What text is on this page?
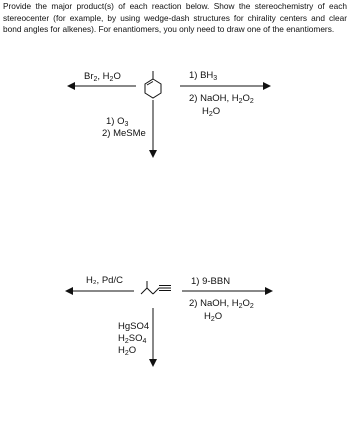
Provide the major product(s) of each reaction below. Show the stereochemistry of each stereocenter (for example, by using wedge-dash structures for chirality centers and clear bond angles for alkenes). For enantiomers, you only need to draw one of the enantiomers.
$Br_2$, $H_2O$	1) $BH_3$
2) NaOH, $H_2O_2$
$H_2O$
1) $O_3$
2) MeSMe
H₂, Pd/C	1) 9-BBN
2) NaOH, $H_2O_2$
$H_2O$
HgSO4
$H_2SO_4$
$H_2O$
